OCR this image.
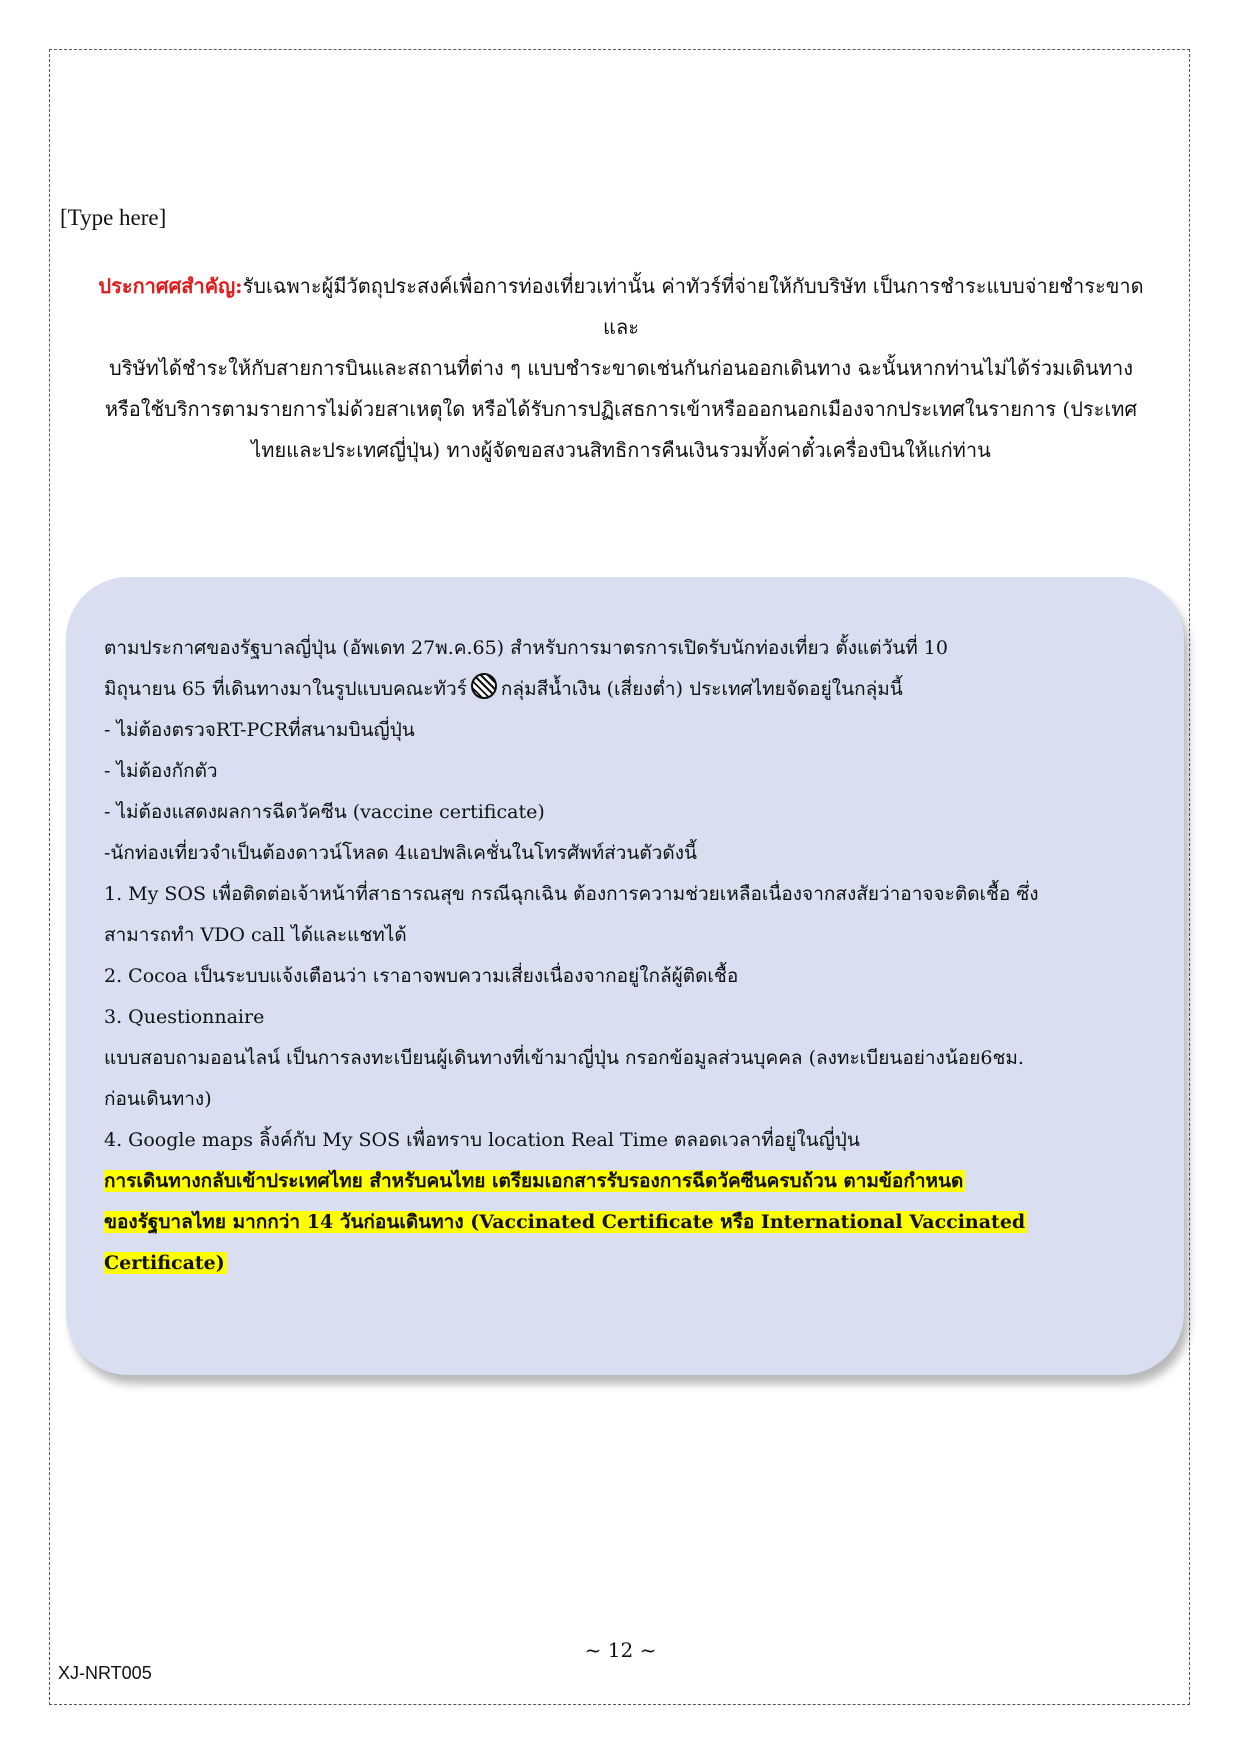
[Type here]
ประกาศศสำคัญ:รับเฉพาะผู้มีวัตถุประสงค์เพื่อการท่องเที่ยวเท่านั้น ค่าทัวร์ที่จ่ายให้กับบริษัท เป็นการชำระแบบจ่ายชำระขาด
และ
บริษัทได้ชำระให้กับสายการบินและสถานที่ต่าง ๆ แบบชำระขาดเช่นกันก่อนออกเดินทาง ฉะนั้นหากท่านไม่ได้ร่วมเดินทาง
หรือใช้บริการตามรายการไม่ด้วยสาเหตุใด หรือได้รับการปฏิเสธการเข้าหรือออกนอกเมืองจากประเทศในรายการ (ประเทศ
ไทยและประเทศญี่ปุ่น) ทางผู้จัดขอสงวนสิทธิการคืนเงินรวมทั้งค่าตั๋วเครื่องบินให้แก่ท่าน
ตามประกาศของรัฐบาลญี่ปุ่น (อัพเดท 27พ.ค.65) สำหรับการมาตรการเปิดรับนักท่องเที่ยว ตั้งแต่วันที่ 10
มิถุนายน 65 ที่เดินทางมาในรูปแบบคณะทัวร์ กลุ่มสีน้ำเงิน (เสี่ยงต่ำ) ประเทศไทยจัดอยู่ในกลุ่มนี้
- ไม่ต้องตรวจRT-PCRที่สนามบินญี่ปุ่น
- ไม่ต้องกักตัว
- ไม่ต้องแสดงผลการฉีดวัคซีน (vaccine certificate)
-นักท่องเที่ยวจำเป็นต้องดาวน์โหลด 4แอปพลิเคชั่นในโทรศัพท์ส่วนตัวดังนี้
1. My SOS เพื่อติดต่อเจ้าหน้าที่สาธารณสุข กรณีฉุกเฉิน ต้องการความช่วยเหลือเนื่องจากสงสัยว่าอาจจะติดเชื้อ ซึ่ง
สามารถทำ VDO call ได้และแชทได้
2. Cocoa เป็นระบบแจ้งเตือนว่า เราอาจพบความเสี่ยงเนื่องจากอยู่ใกล้ผู้ติดเชื้อ
3. Questionnaire
แบบสอบถามออนไลน์ เป็นการลงทะเบียนผู้เดินทางที่เข้ามาญี่ปุ่น กรอกข้อมูลส่วนบุคคล (ลงทะเบียนอย่างน้อย6ชม.
ก่อนเดินทาง)
4. Google maps ลิ้งค์กับ My SOS เพื่อทราบ location Real Time ตลอดเวลาที่อยู่ในญี่ปุ่น
การเดินทางกลับเข้าประเทศไทย สำหรับคนไทย เตรียมเอกสารรับรองการฉีดวัคซีนครบถ้วน ตามข้อกำหนด
ของรัฐบาลไทย มากกว่า 14 วันก่อนเดินทาง (Vaccinated Certificate หรือ International Vaccinated
Certificate)
~ 12 ~
XJ-NRT005
